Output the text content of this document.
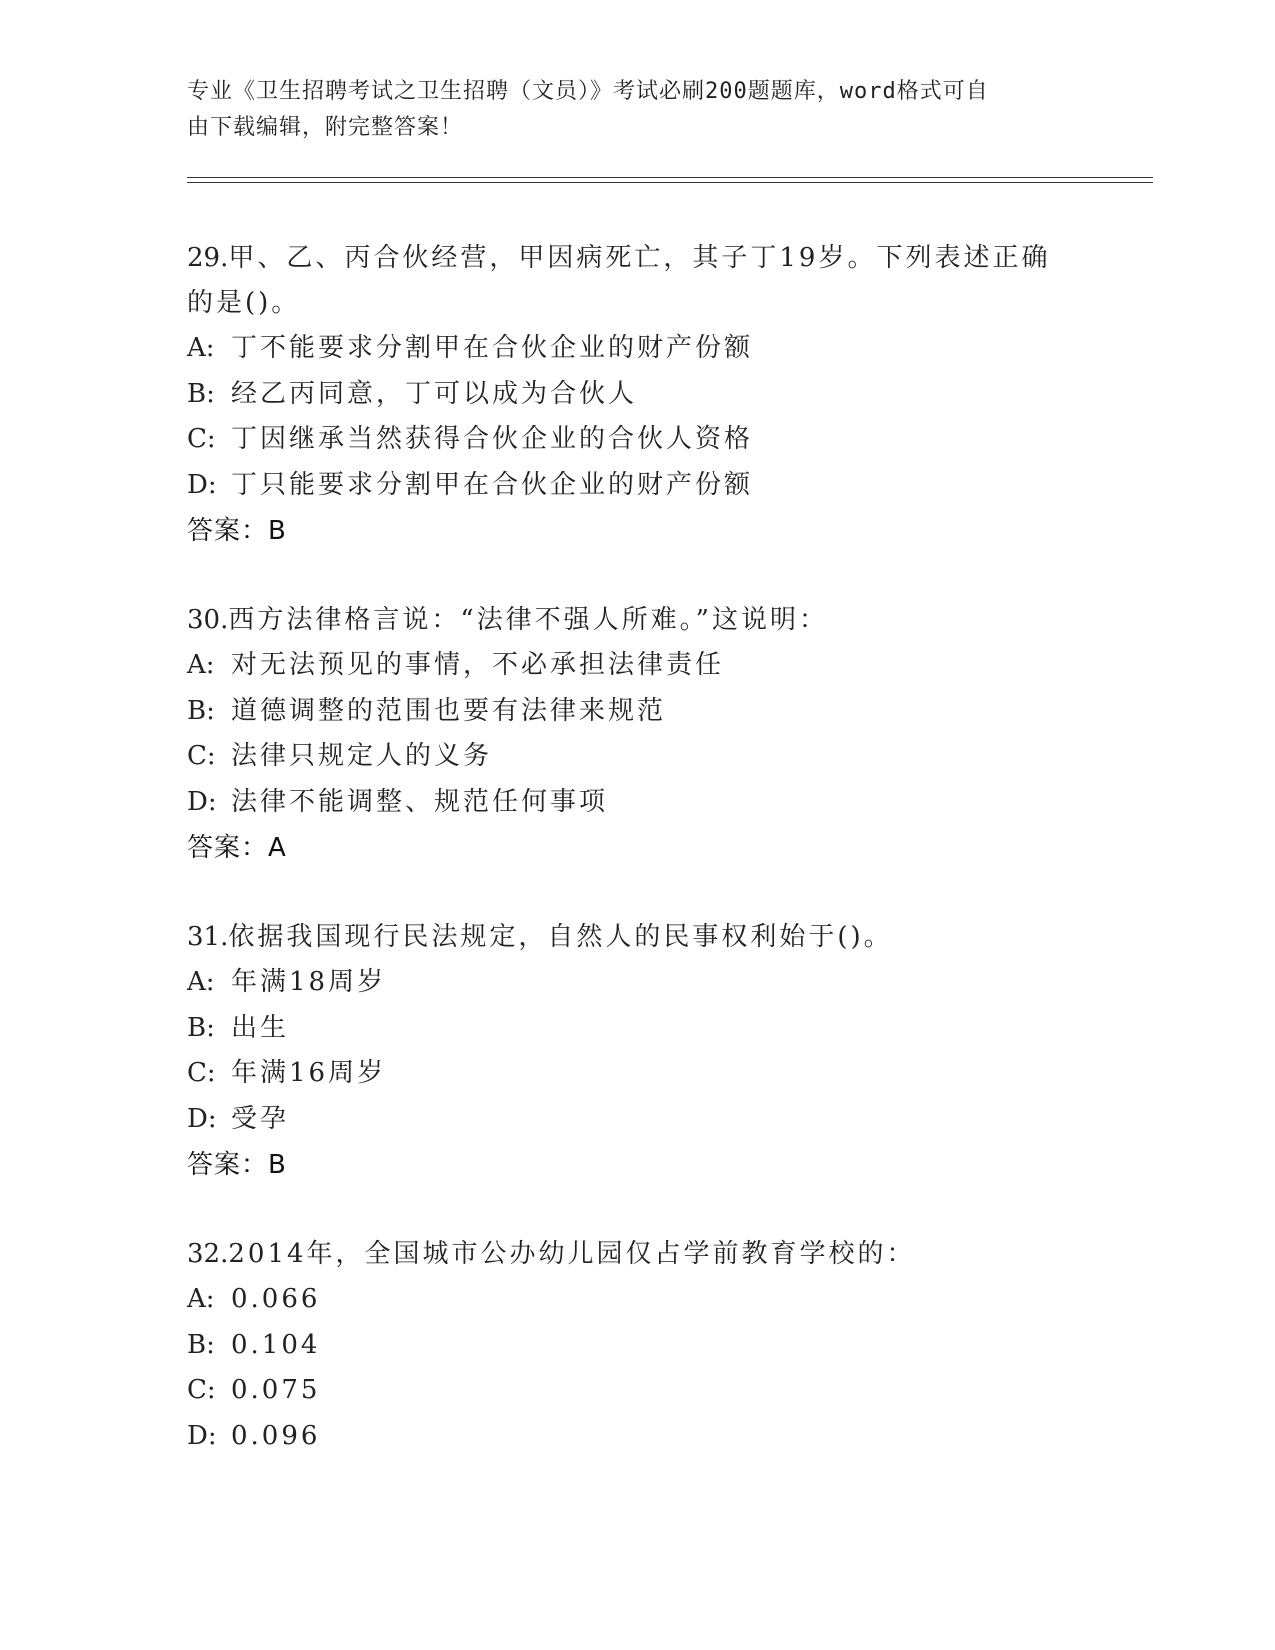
专业《卫生招聘考试之卫生招聘（文员）》考试必刷200题题库，word格式可自
由下载编辑，附完整答案！
29.甲、乙、丙合伙经营，甲因病死亡，其子丁19岁。下列表述正确
的是()。
A: 丁不能要求分割甲在合伙企业的财产份额
B: 经乙丙同意，丁可以成为合伙人
C: 丁因继承当然获得合伙企业的合伙人资格
D: 丁只能要求分割甲在合伙企业的财产份额
答案：B
30.西方法律格言说：“法律不强人所难。”这说明：
A: 对无法预见的事情，不必承担法律责任
B: 道德调整的范围也要有法律来规范
C: 法律只规定人的义务
D: 法律不能调整、规范任何事项
答案：A
31.依据我国现行民法规定，自然人的民事权利始于()。
A: 年满18周岁
B: 出生
C: 年满16周岁
D: 受孕
答案：B
32.2014年，全国城市公办幼儿园仅占学前教育学校的：
A: 0.066
B: 0.104
C: 0.075
D: 0.096
